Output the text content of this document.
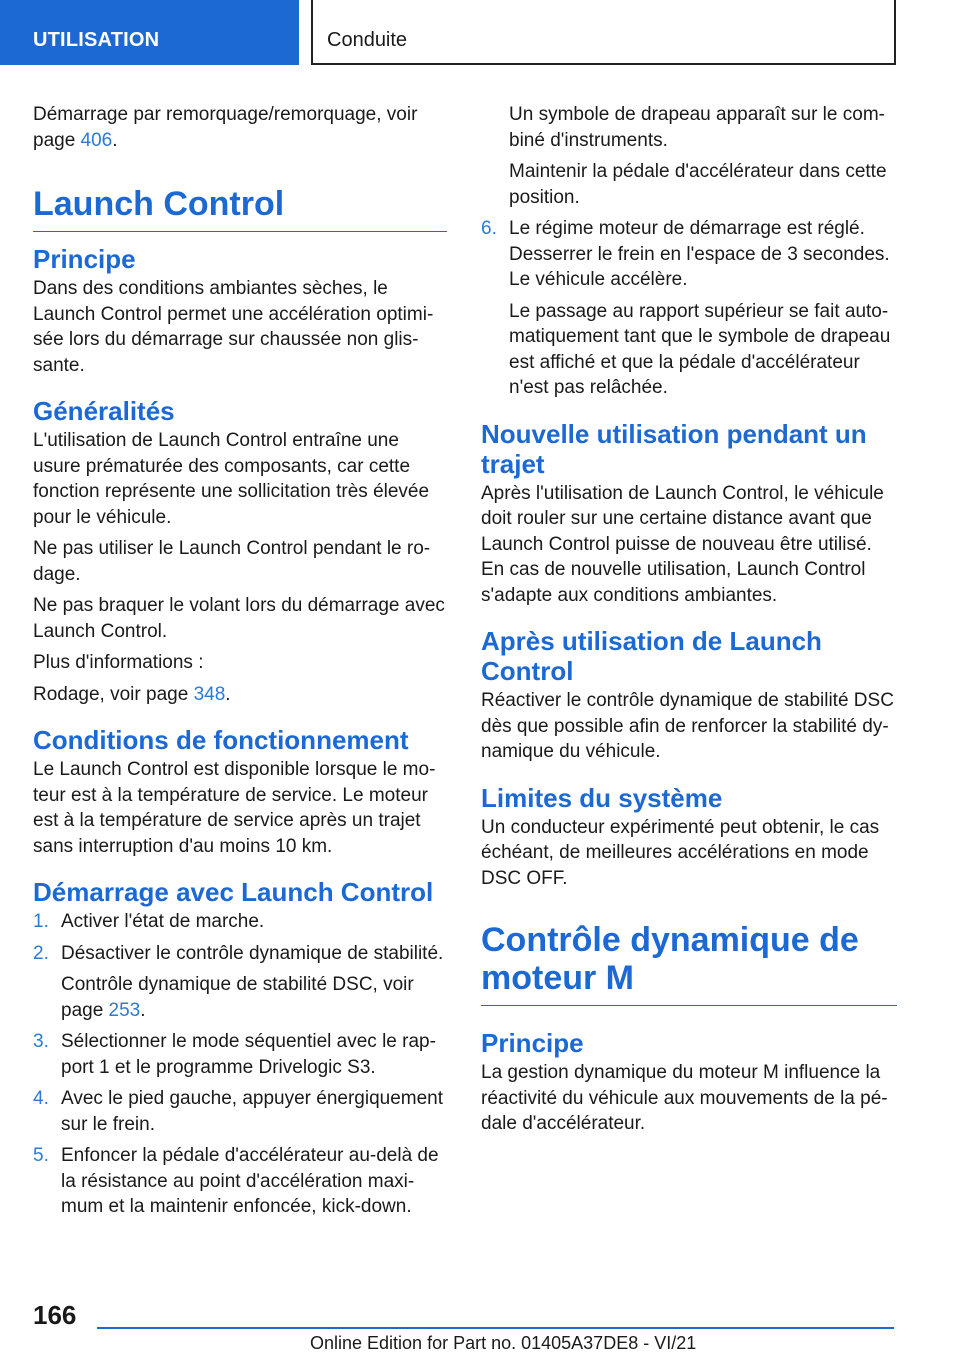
UTILISATION	Conduite

Démarrage par remorquage/remorquage, voir page 406.

Launch Control
Principe

Dans des conditions ambiantes sèches, le Launch Control permet une accélération optimi-sée lors du démarrage sur chaussée non glis-sante.

Généralités

L'utilisation de Launch Control entraîne une usure prématurée des composants, car cette fonction représente une sollicitation très élevée pour le véhicule.

Ne pas utiliser le Launch Control pendant le ro-dage.

Ne pas braquer le volant lors du démarrage avec Launch Control.

Plus d'informations :

Rodage, voir page 348.

Conditions de fonctionnement

Le Launch Control est disponible lorsque le mo-teur est à la température de service. Le moteur est à la température de service après un trajet sans interruption d'au moins 10 km.

Démarrage avec Launch Control
1. Activer l'état de marche.

2. Désactiver le contrôle dynamique de stabilité.

Contrôle dynamique de stabilité DSC, voir page 253.

3. Sélectionner le mode séquentiel avec le rap-port 1 et le programme Drivelogic S3.

4. Avec le pied gauche, appuyer énergiquement sur le frein.

5. Enfoncer la pédale d'accélérateur au-delà de la résistance au point d'accélération maxi-mum et la maintenir enfoncée, kick-down.

Un symbole de drapeau apparaît sur le com-biné d'instruments.

Maintenir la pédale d'accélérateur dans cette position.

6. Le régime moteur de démarrage est réglé. Desserrer le frein en l'espace de 3 secondes. Le véhicule accélère.

Le passage au rapport supérieur se fait auto-matiquement tant que le symbole de drapeau est affiché et que la pédale d'accélérateur n'est pas relâchée.

Nouvelle utilisation pendant un trajet

Après l'utilisation de Launch Control, le véhicule doit rouler sur une certaine distance avant que Launch Control puisse de nouveau être utilisé. En cas de nouvelle utilisation, Launch Control s'adapte aux conditions ambiantes.

Après utilisation de Launch Control

Réactiver le contrôle dynamique de stabilité DSC dès que possible afin de renforcer la stabilité dy-namique du véhicule.

Limites du système

Un conducteur expérimenté peut obtenir, le cas échéant, de meilleures accélérations en mode DSC OFF.

Contrôle dynamique de moteur M
Principe

La gestion dynamique du moteur M influence la réactivité du véhicule aux mouvements de la pé-dale d'accélérateur.

166
Online Edition for Part no. 01405A37DE8 - VI/21
